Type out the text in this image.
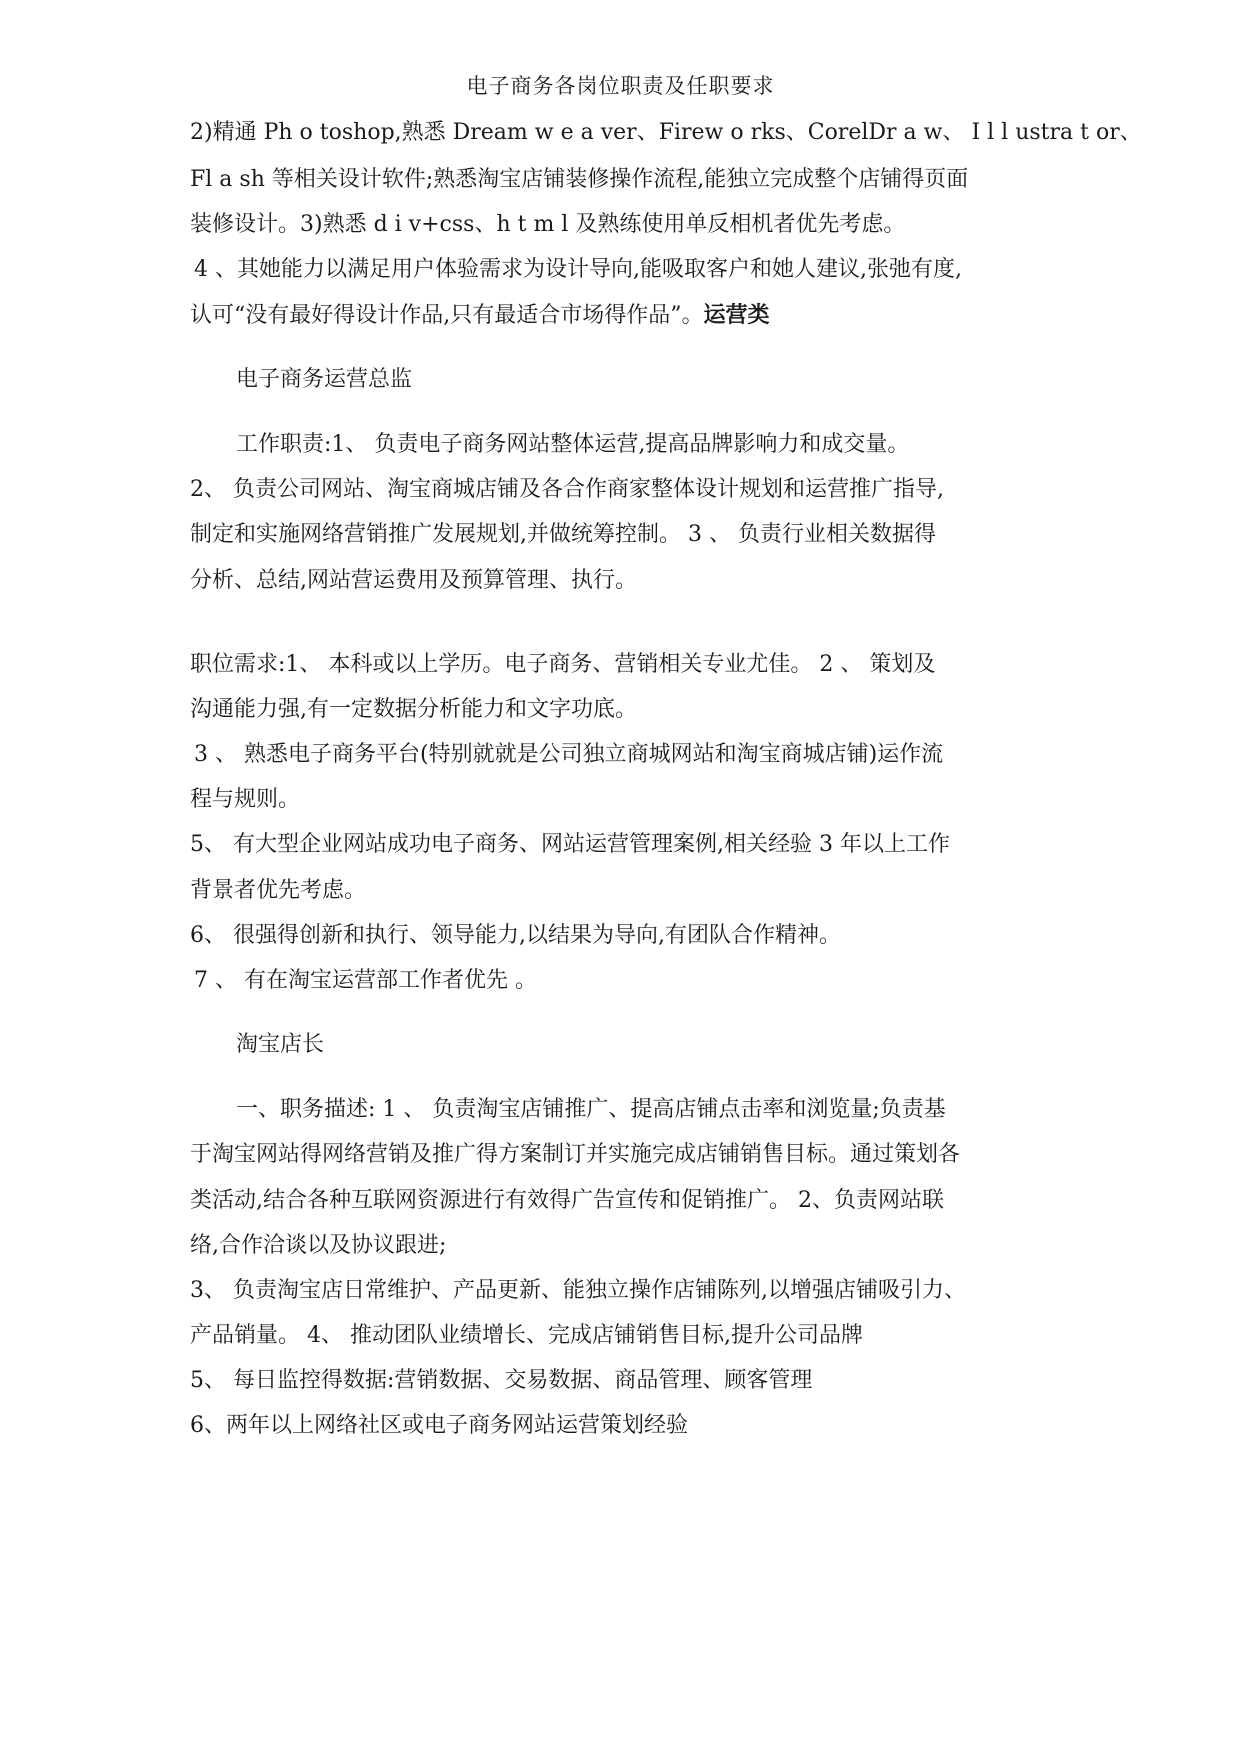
电子商务各岗位职责及任职要求
2)精通 Ph o toshop,熟悉 Dream w e a ver、Firew o rks、CorelDr a w、 I l l ustra t or、
Fl a sh 等相关设计软件;熟悉淘宝店铺装修操作流程,能独立完成整个店铺得页面
装修设计。3)熟悉 d i v+css、h t m l 及熟练使用单反相机者优先考虑。
4 、其她能力以满足用户体验需求为设计导向,能吸取客户和她人建议,张弛有度,
认可“没有最好得设计作品,只有最适合市场得作品”。运营类
电子商务运营总监
工作职责:1、 负责电子商务网站整体运营,提高品牌影响力和成交量。
2、 负责公司网站、淘宝商城店铺及各合作商家整体设计规划和运营推广指导,
制定和实施网络营销推广发展规划,并做统筹控制。 3 、 负责行业相关数据得
分析、总结,网站营运费用及预算管理、执行。
职位需求:1、 本科或以上学历。电子商务、营销相关专业尤佳。 2 、 策划及
沟通能力强,有一定数据分析能力和文字功底。
3 、 熟悉电子商务平台(特别就就是公司独立商城网站和淘宝商城店铺)运作流
程与规则。
5、 有大型企业网站成功电子商务、网站运营管理案例,相关经验 3 年以上工作
背景者优先考虑。
6、 很强得创新和执行、领导能力,以结果为导向,有团队合作精神。
7 、 有在淘宝运营部工作者优先 。
淘宝店长
一、职务描述: 1 、 负责淘宝店铺推广、提高店铺点击率和浏览量;负责基
于淘宝网站得网络营销及推广得方案制订并实施完成店铺销售目标。通过策划各
类活动,结合各种互联网资源进行有效得广告宣传和促销推广。 2、负责网站联
络,合作洽谈以及协议跟进;
3、 负责淘宝店日常维护、产品更新、能独立操作店铺陈列,以增强店铺吸引力、
产品销量。 4、 推动团队业绩增长、完成店铺销售目标,提升公司品牌
5、 每日监控得数据:营销数据、交易数据、商品管理、顾客管理
6、两年以上网络社区或电子商务网站运营策划经验
